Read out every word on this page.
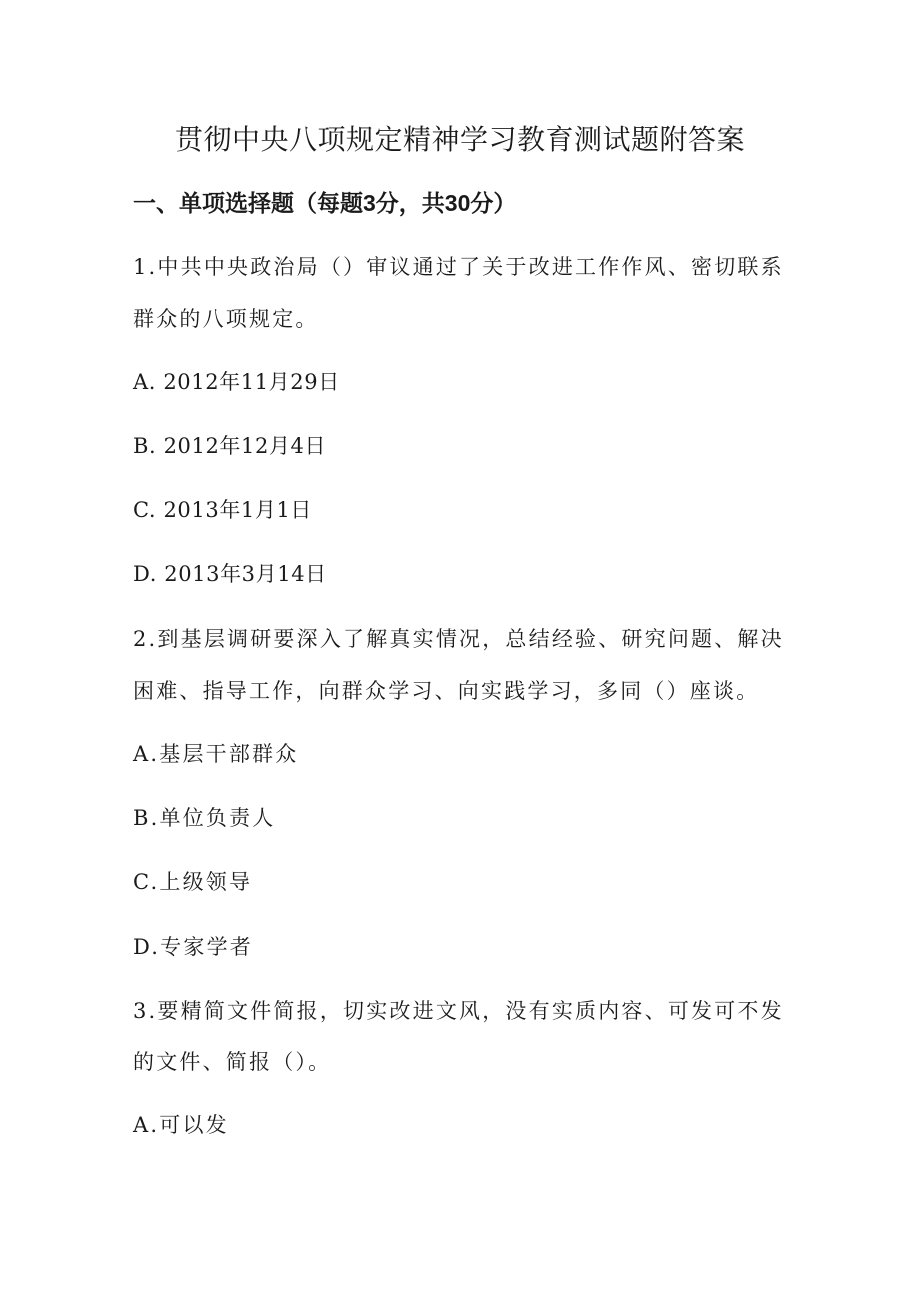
贯彻中央八项规定精神学习教育测试题附答案
一、单项选择题（每题3分，共30分）
1.中共中央政治局（）审议通过了关于改进工作作风、密切联系
群众的八项规定。
A. 2012年11月29日
B. 2012年12月4日
C. 2013年1月1日
D. 2013年3月14日
2.到基层调研要深入了解真实情况，总结经验、研究问题、解决
困难、指导工作，向群众学习、向实践学习，多同（）座谈。
A.基层干部群众
B.单位负责人
C.上级领导
D.专家学者
3.要精简文件简报，切实改进文风，没有实质内容、可发可不发
的文件、简报（）。
A.可以发
